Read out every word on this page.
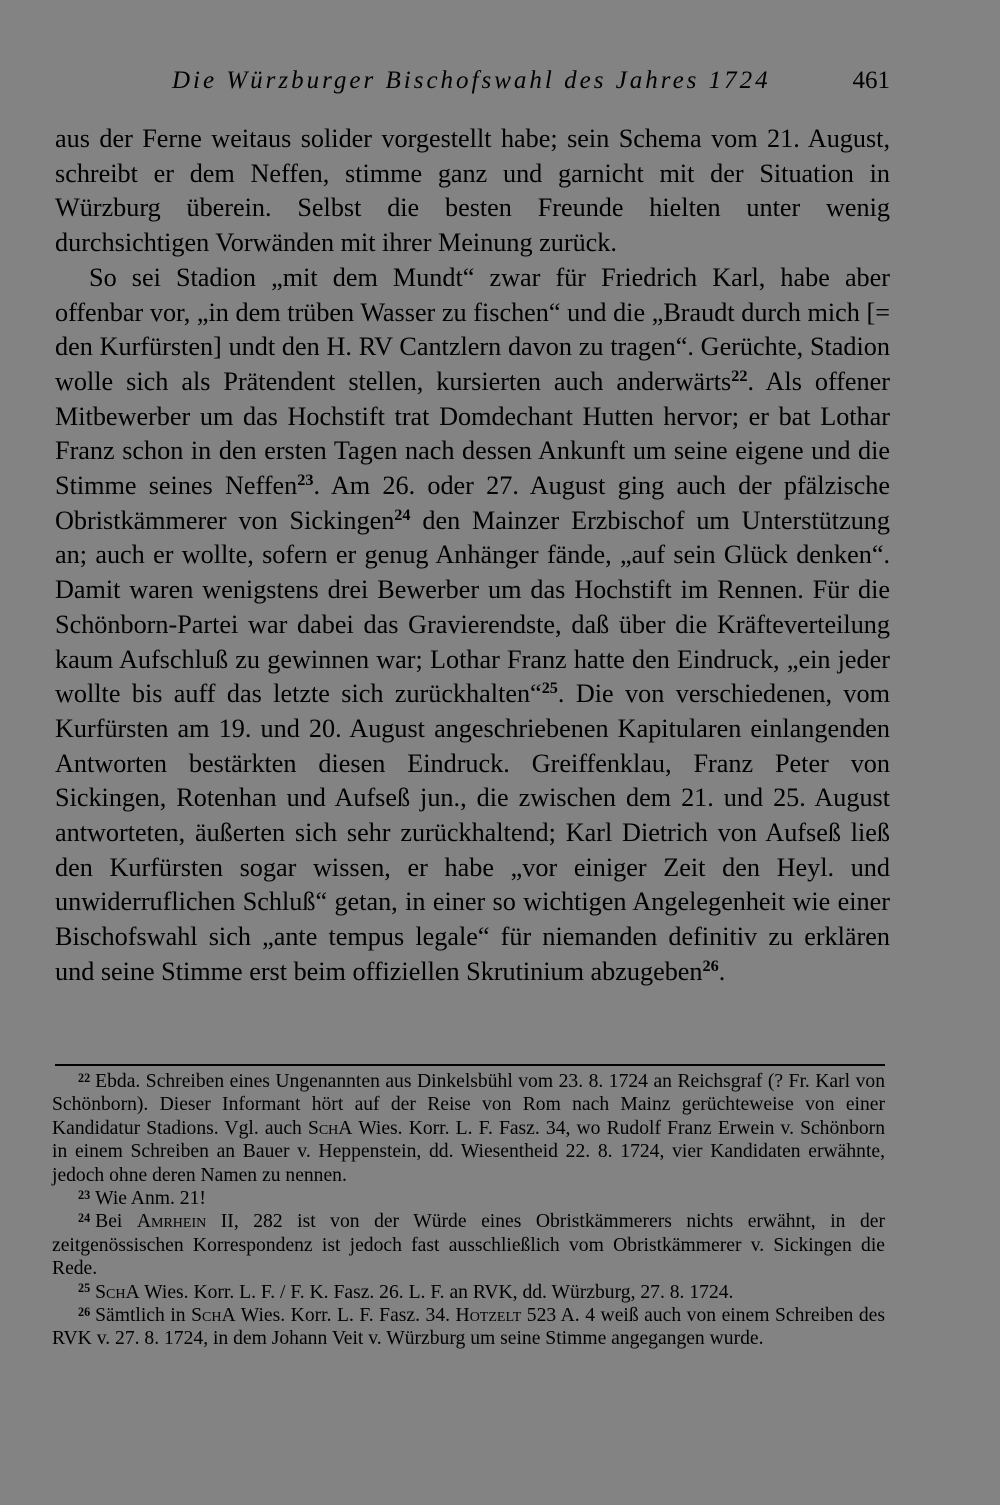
Die Würzburger Bischofswahl des Jahres 1724	461

aus der Ferne weitaus solider vorgestellt habe; sein Schema vom 21. August, schreibt er dem Neffen, stimme ganz und garnicht mit der Situation in Würzburg überein. Selbst die besten Freunde hielten unter wenig durchsichtigen Vorwänden mit ihrer Meinung zurück.

So sei Stadion „mit dem Mundt“ zwar für Friedrich Karl, habe aber offenbar vor, „in dem trüben Wasser zu fischen“ und die „Braudt durch mich [= den Kurfürsten] undt den H. RV Cantzlern davon zu tragen“. Gerüchte, Stadion wolle sich als Prätendent stellen, kursierten auch anderwärts$^{22}$. Als offener Mitbewerber um das Hochstift trat Domdechant Hutten hervor; er bat Lothar Franz schon in den ersten Tagen nach dessen Ankunft um seine eigene und die Stimme seines Neffen$^{23}$. Am 26. oder 27. August ging auch der pfälzische Obristkämmerer von Sickingen$^{24}$ den Mainzer Erzbischof um Unterstützung an; auch er wollte, sofern er genug Anhänger fände, „auf sein Glück denken“. Damit waren wenigstens drei Bewerber um das Hochstift im Rennen. Für die Schönborn-Partei war dabei das Gravierendste, daß über die Kräfteverteilung kaum Aufschluß zu gewinnen war; Lothar Franz hatte den Eindruck, „ein jeder wollte bis auff das letzte sich zurückhalten“$^{25}$. Die von verschiedenen, vom Kurfürsten am 19. und 20. August angeschriebenen Kapitularen einlangenden Antworten bestärkten diesen Eindruck. Greiffenklau, Franz Peter von Sickingen, Rotenhan und Aufseß jun., die zwischen dem 21. und 25. August antworteten, äußerten sich sehr zurückhaltend; Karl Dietrich von Aufseß ließ den Kurfürsten sogar wissen, er habe „vor einiger Zeit den Heyl. und unwiderruflichen Schluß“ getan, in einer so wichtigen Angelegenheit wie einer Bischofswahl sich „ante tempus legale“ für niemanden definitiv zu erklären und seine Stimme erst beim offiziellen Skrutinium abzugeben$^{26}$.

$^{22}$ Ebda. Schreiben eines Ungenannten aus Dinkelsbühl vom 23. 8. 1724 an Reichsgraf (? Fr. Karl von Schönborn). Dieser Informant hört auf der Reise von Rom nach Mainz gerüchteweise von einer Kandidatur Stadions. Vgl. auch SchA Wies. Korr. L. F. Fasz. 34, wo Rudolf Franz Erwein v. Schönborn in einem Schreiben an Bauer v. Heppenstein, dd. Wiesentheid 22. 8. 1724, vier Kandidaten erwähnte, jedoch ohne deren Namen zu nennen.

$^{23}$ Wie Anm. 21!

$^{24}$ Bei Amrhein II, 282 ist von der Würde eines Obristkämmerers nichts erwähnt, in der zeitgenössischen Korrespondenz ist jedoch fast ausschließlich vom Obristkämmerer v. Sickingen die Rede.

$^{25}$ SchA Wies. Korr. L. F. / F. K. Fasz. 26. L. F. an RVK, dd. Würzburg, 27. 8. 1724.

$^{26}$ Sämtlich in SchA Wies. Korr. L. F. Fasz. 34. Hotzelt 523 A. 4 weiß auch von einem Schreiben des RVK v. 27. 8. 1724, in dem Johann Veit v. Würzburg um seine Stimme angegangen wurde.
